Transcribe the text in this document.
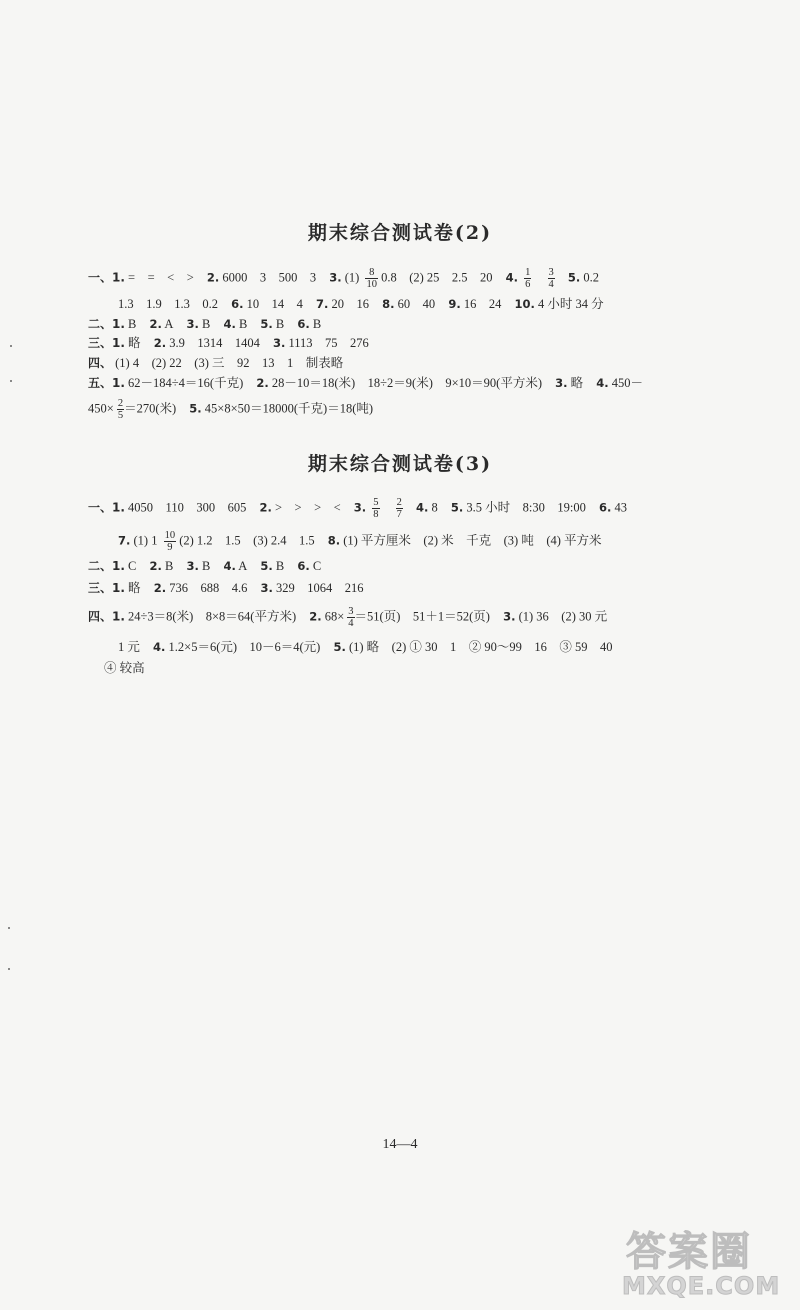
期末综合测试卷(2)
一、1. =　=　<　> 2. 6000　3　500　3 3. $(1) \frac{8}{10} 0.8$　(2) 25　2.5　20 4. $\frac{1}{6}$
$\frac{3}{4} 5$. 0.2
1.3　1.9　1.3　0.2 6. 10　14　4 7. 20　16 8. 60　40 9. 16　24 10. 4 小时 34 分
二、1. B 2. A 3. B 4. B 5. B 6. B
三、1. 略 2. 3.9　1314　1404 3. 1113　75　276
四、 (1) 4　(2) 22　(3) 三　92　13　1　制表略
五、1. 62－184÷4＝16(千克) 2. 28－10＝18(米)　18÷2＝9(米)　9×10＝90(平方米) 3. 略 4. 450－
$450\times \frac{2}{5} =270$(米) 5. 45×8×50＝18000(千克)＝18(吨)
期末综合测试卷(3)
一、1. 4050　110　300　605 2. >　>　>　< 3. $\frac{5}{8}$
$\frac{2}{7} 4$. 8 5. 3.5 小时　8:30　19:00 6. 43
7. (1) $1 \frac{10}{9} (2)$ 1.2　1.5　(3) 2.4　1.5 8. (1) 平方厘米　(2) 米　千克　(3) 吨　(4) 平方米
二、1. C 2. B 3. B 4. A 5. B 6. C
三、1. 略 2. 736　688　4.6 3. 329　1064　216
四、1. 24÷3＝8(米)　8×8＝64(平方米) 2. $68\times \frac{3}{4} =51$(页)　51＋1＝52(页) 3. (1) 36　(2) 30 元
1 元 4. 1.2×5＝6(元)　10－6＝4(元) 5. (1) 略　(2) ① 30　1　② 90～99　16　③ 59　40
④ 较高
14—4
答案圈
MXQE.COM
